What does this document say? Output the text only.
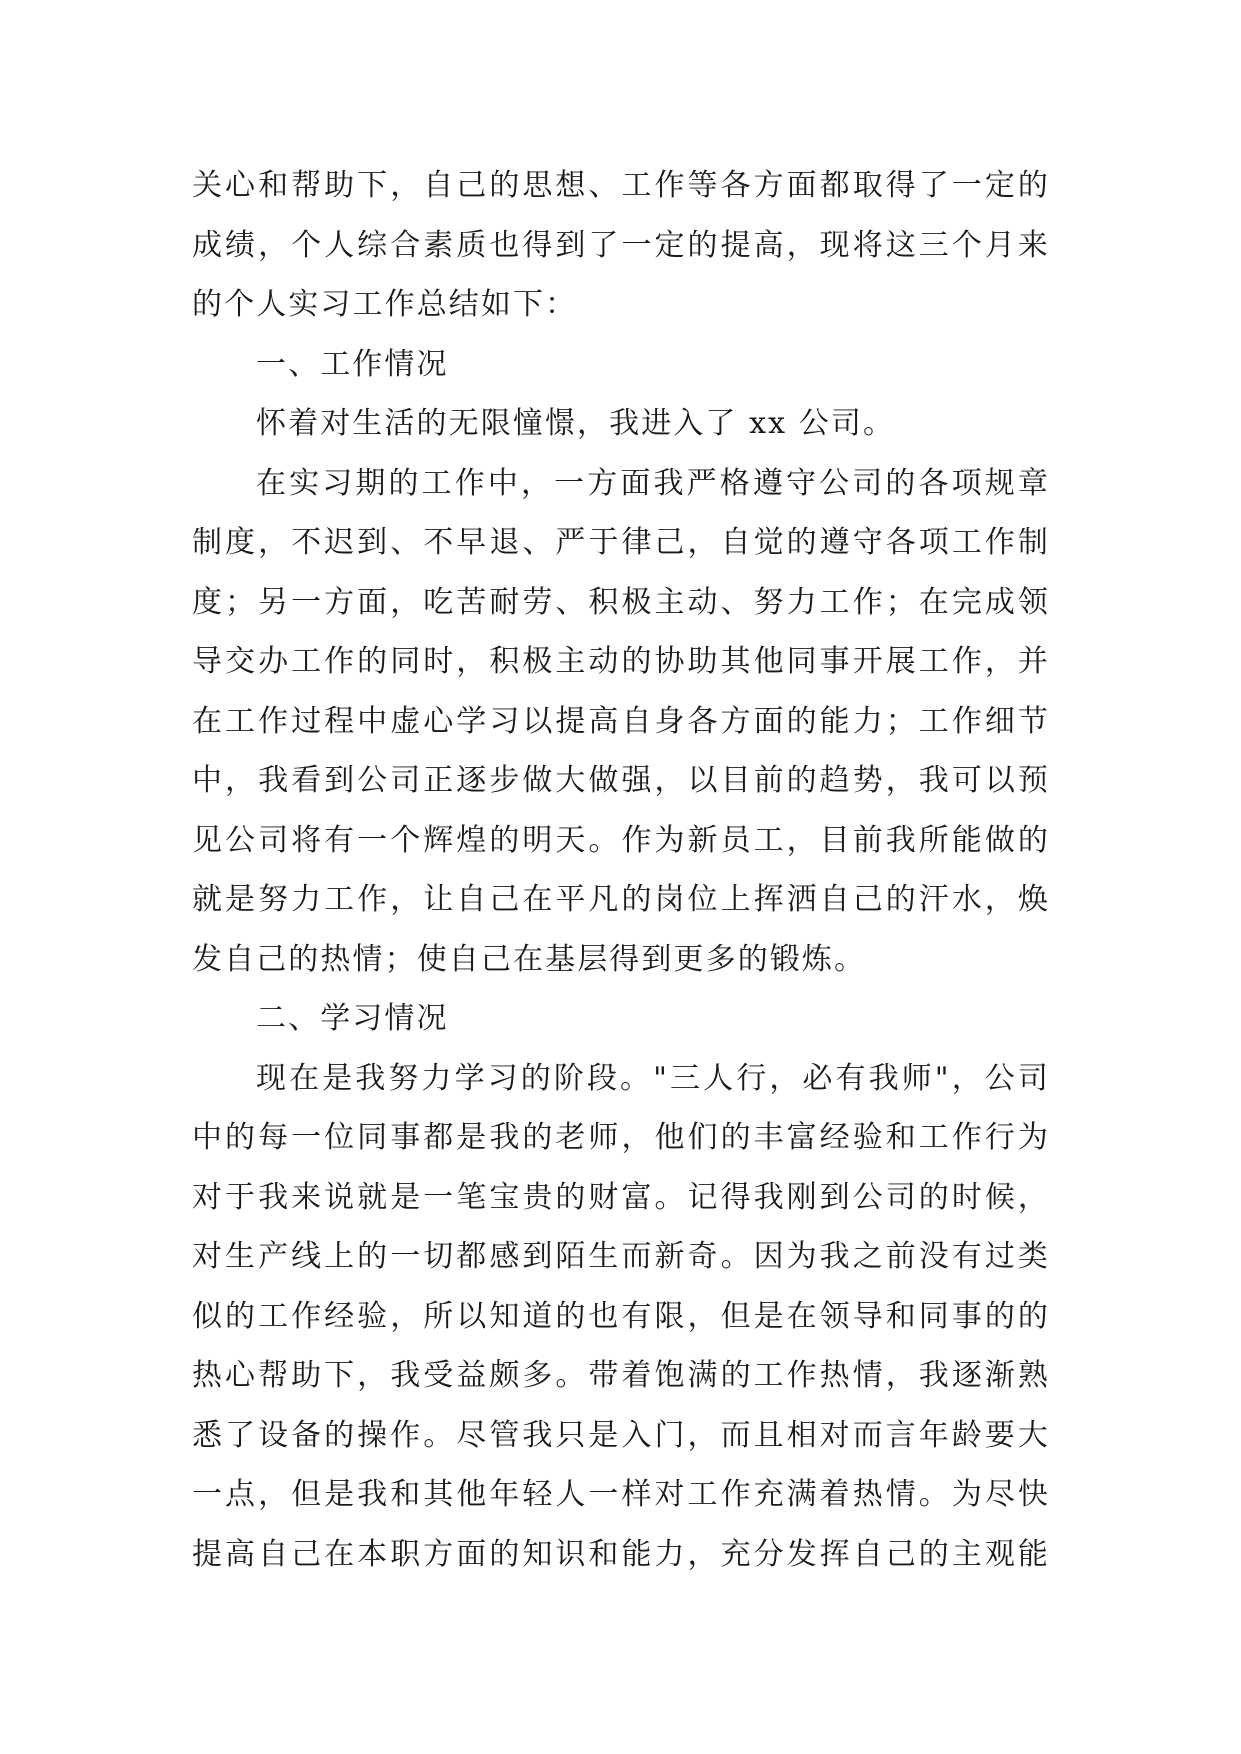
关心和帮助下，自己的思想、工作等各方面都取得了一定的
成绩，个人综合素质也得到了一定的提高，现将这三个月来
的个人实习工作总结如下：
一、工作情况
怀着对生活的无限憧憬，我进入了 xx 公司。
在实习期的工作中，一方面我严格遵守公司的各项规章
制度，不迟到、不早退、严于律己，自觉的遵守各项工作制
度；另一方面，吃苦耐劳、积极主动、努力工作；在完成领
导交办工作的同时，积极主动的协助其他同事开展工作，并
在工作过程中虚心学习以提高自身各方面的能力；工作细节
中，我看到公司正逐步做大做强，以目前的趋势，我可以预
见公司将有一个辉煌的明天。作为新员工，目前我所能做的
就是努力工作，让自己在平凡的岗位上挥洒自己的汗水，焕
发自己的热情；使自己在基层得到更多的锻炼。
二、学习情况
现在是我努力学习的阶段。"三人行，必有我师"，公司
中的每一位同事都是我的老师，他们的丰富经验和工作行为
对于我来说就是一笔宝贵的财富。记得我刚到公司的时候，
对生产线上的一切都感到陌生而新奇。因为我之前没有过类
似的工作经验，所以知道的也有限，但是在领导和同事的的
热心帮助下，我受益颇多。带着饱满的工作热情，我逐渐熟
悉了设备的操作。尽管我只是入门，而且相对而言年龄要大
一点，但是我和其他年轻人一样对工作充满着热情。为尽快
提高自己在本职方面的知识和能力，充分发挥自己的主观能
